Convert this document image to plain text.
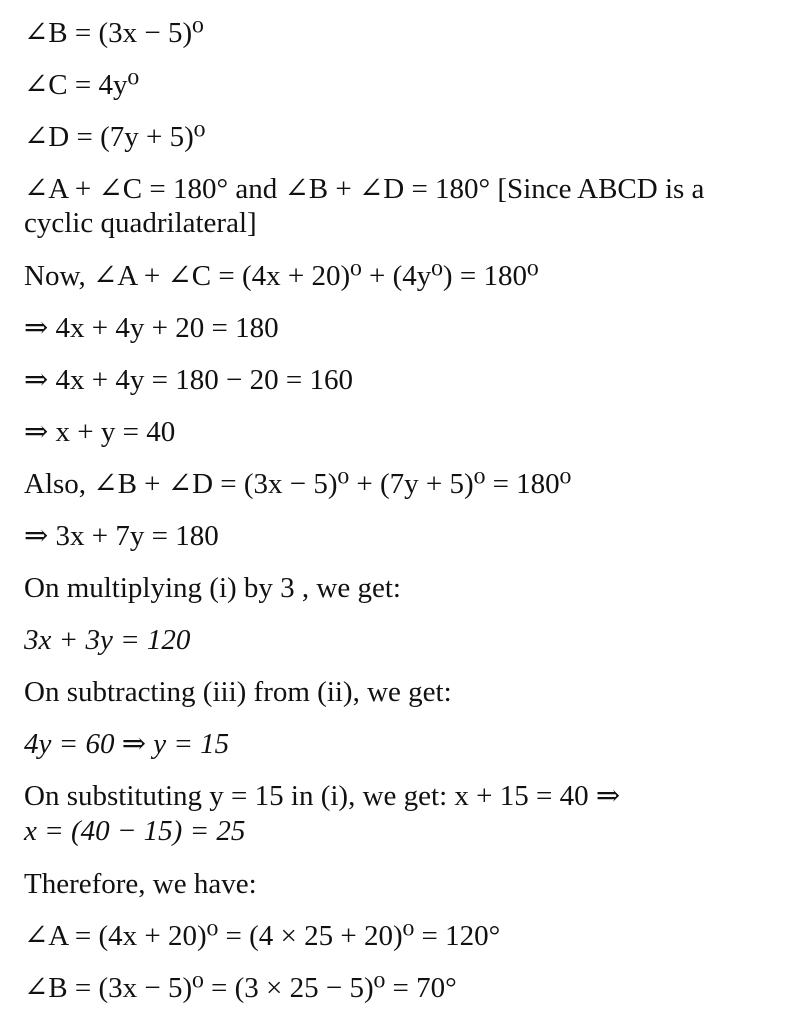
∠B = (3x − 5)⁰
∠C = 4y⁰
∠D = (7y + 5)⁰
∠A + ∠C = 180° and ∠B + ∠D = 180° [Since ABCD is a
cyclic quadrilateral]
Now, ∠A + ∠C = (4x + 20)⁰ + (4y⁰) = 180⁰
⇒ 4x + 4y + 20 = 180
⇒ 4x + 4y = 180 − 20 = 160
⇒ x + y = 40
Also, ∠B + ∠D = (3x − 5)⁰ + (7y + 5)⁰ = 180⁰
⇒ 3x + 7y = 180
On multiplying (i) by 3 , we get:
3x + 3y = 120
On subtracting (iii) from (ii), we get:
4y = 60 ⇒ y = 15
On substituting y = 15 in (i), we get: x + 15 = 40 ⇒
x = (40 − 15) = 25
Therefore, we have:
∠A = (4x + 20)⁰ = (4 × 25 + 20)⁰ = 120°
∠B = (3x − 5)⁰ = (3 × 25 − 5)⁰ = 70°
